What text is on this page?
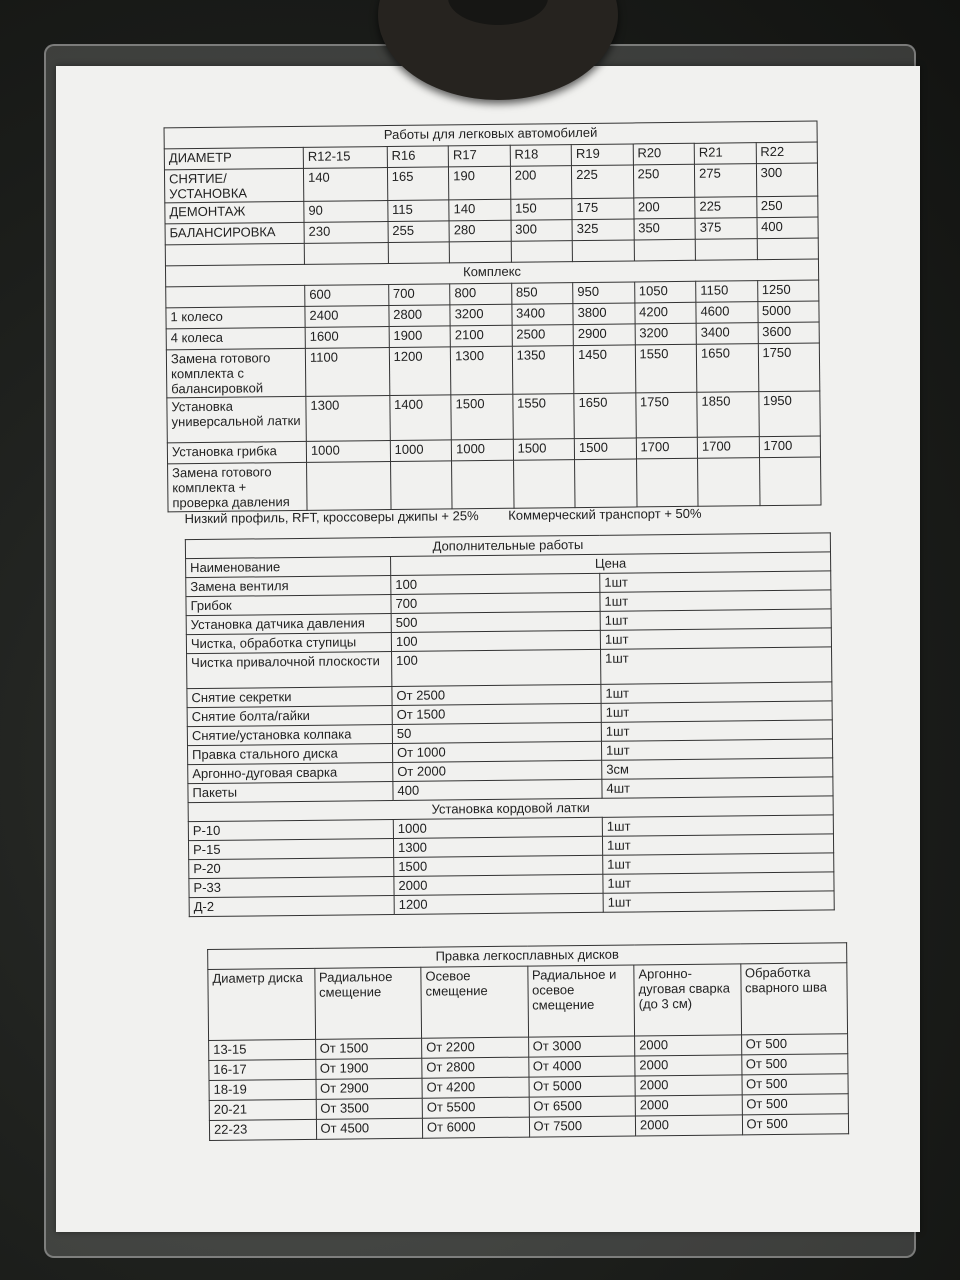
Работы для легковых автомобилей								
ДИАМЕТР	R12-15	R16	R17	R18	R19	R20	R21	R22
СНЯТИЕ/УСТАНОВКА	140	165	190	200	225	250	275	300
ДЕМОНТАЖ	90	115	140	150	175	200	225	250
БАЛАНСИРОВКА	230	255	280	300	325	350	375	400

Комплекс								
	600	700	800	850	950	1050	1150	1250
1 колесо	2400	2800	3200	3400	3800	4200	4600	5000
4 колеса	1600	1900	2100	2500	2900	3200	3400	3600
Замена готового комплекта с балансировкой	1100	1200	1300	1350	1450	1550	1650	1750
Установка универсальной латки	1300	1400	1500	1550	1650	1750	1850	1950
Установка грибка	1000	1000	1000	1500	1500	1700	1700	1700
Замена готового комплекта + проверка давления								
Низкий профиль, RFT, кроссоверы джипы + 25% Коммерческий транспорт + 50%
Дополнительные работы		
Наименование	Цена	
Замена вентиля	100	1шт
Грибок	700	1шт
Установка датчика давления	500	1шт
Чистка, обработка ступицы	100	1шт
Чистка привалочной плоскости	100	1шт
Снятие секретки	От 2500	1шт
Снятие болта/гайки	От 1500	1шт
Снятие/установка колпака	50	1шт
Правка стального диска	От 1000	1шт
Аргонно-дуговая сварка	От 2000	3см
Пакеты	400	4шт
Установка кордовой латки		
Р-10	1000	1шт
Р-15	1300	1шт
Р-20	1500	1шт
Р-33	2000	1шт
Д-2	1200	1шт
Правка легкосплавных дисков					
Диаметр диска	Радиальное смещение	Осевое смещение	Радиальное и осевое смещение	Аргонно-дуговая сварка (до 3 см)	Обработка сварного шва
13-15	От 1500	От 2200	От 3000	2000	От 500
16-17	От 1900	От 2800	От 4000	2000	От 500
18-19	От 2900	От 4200	От 5000	2000	От 500
20-21	От 3500	От 5500	От 6500	2000	От 500
22-23	От 4500	От 6000	От 7500	2000	От 500
